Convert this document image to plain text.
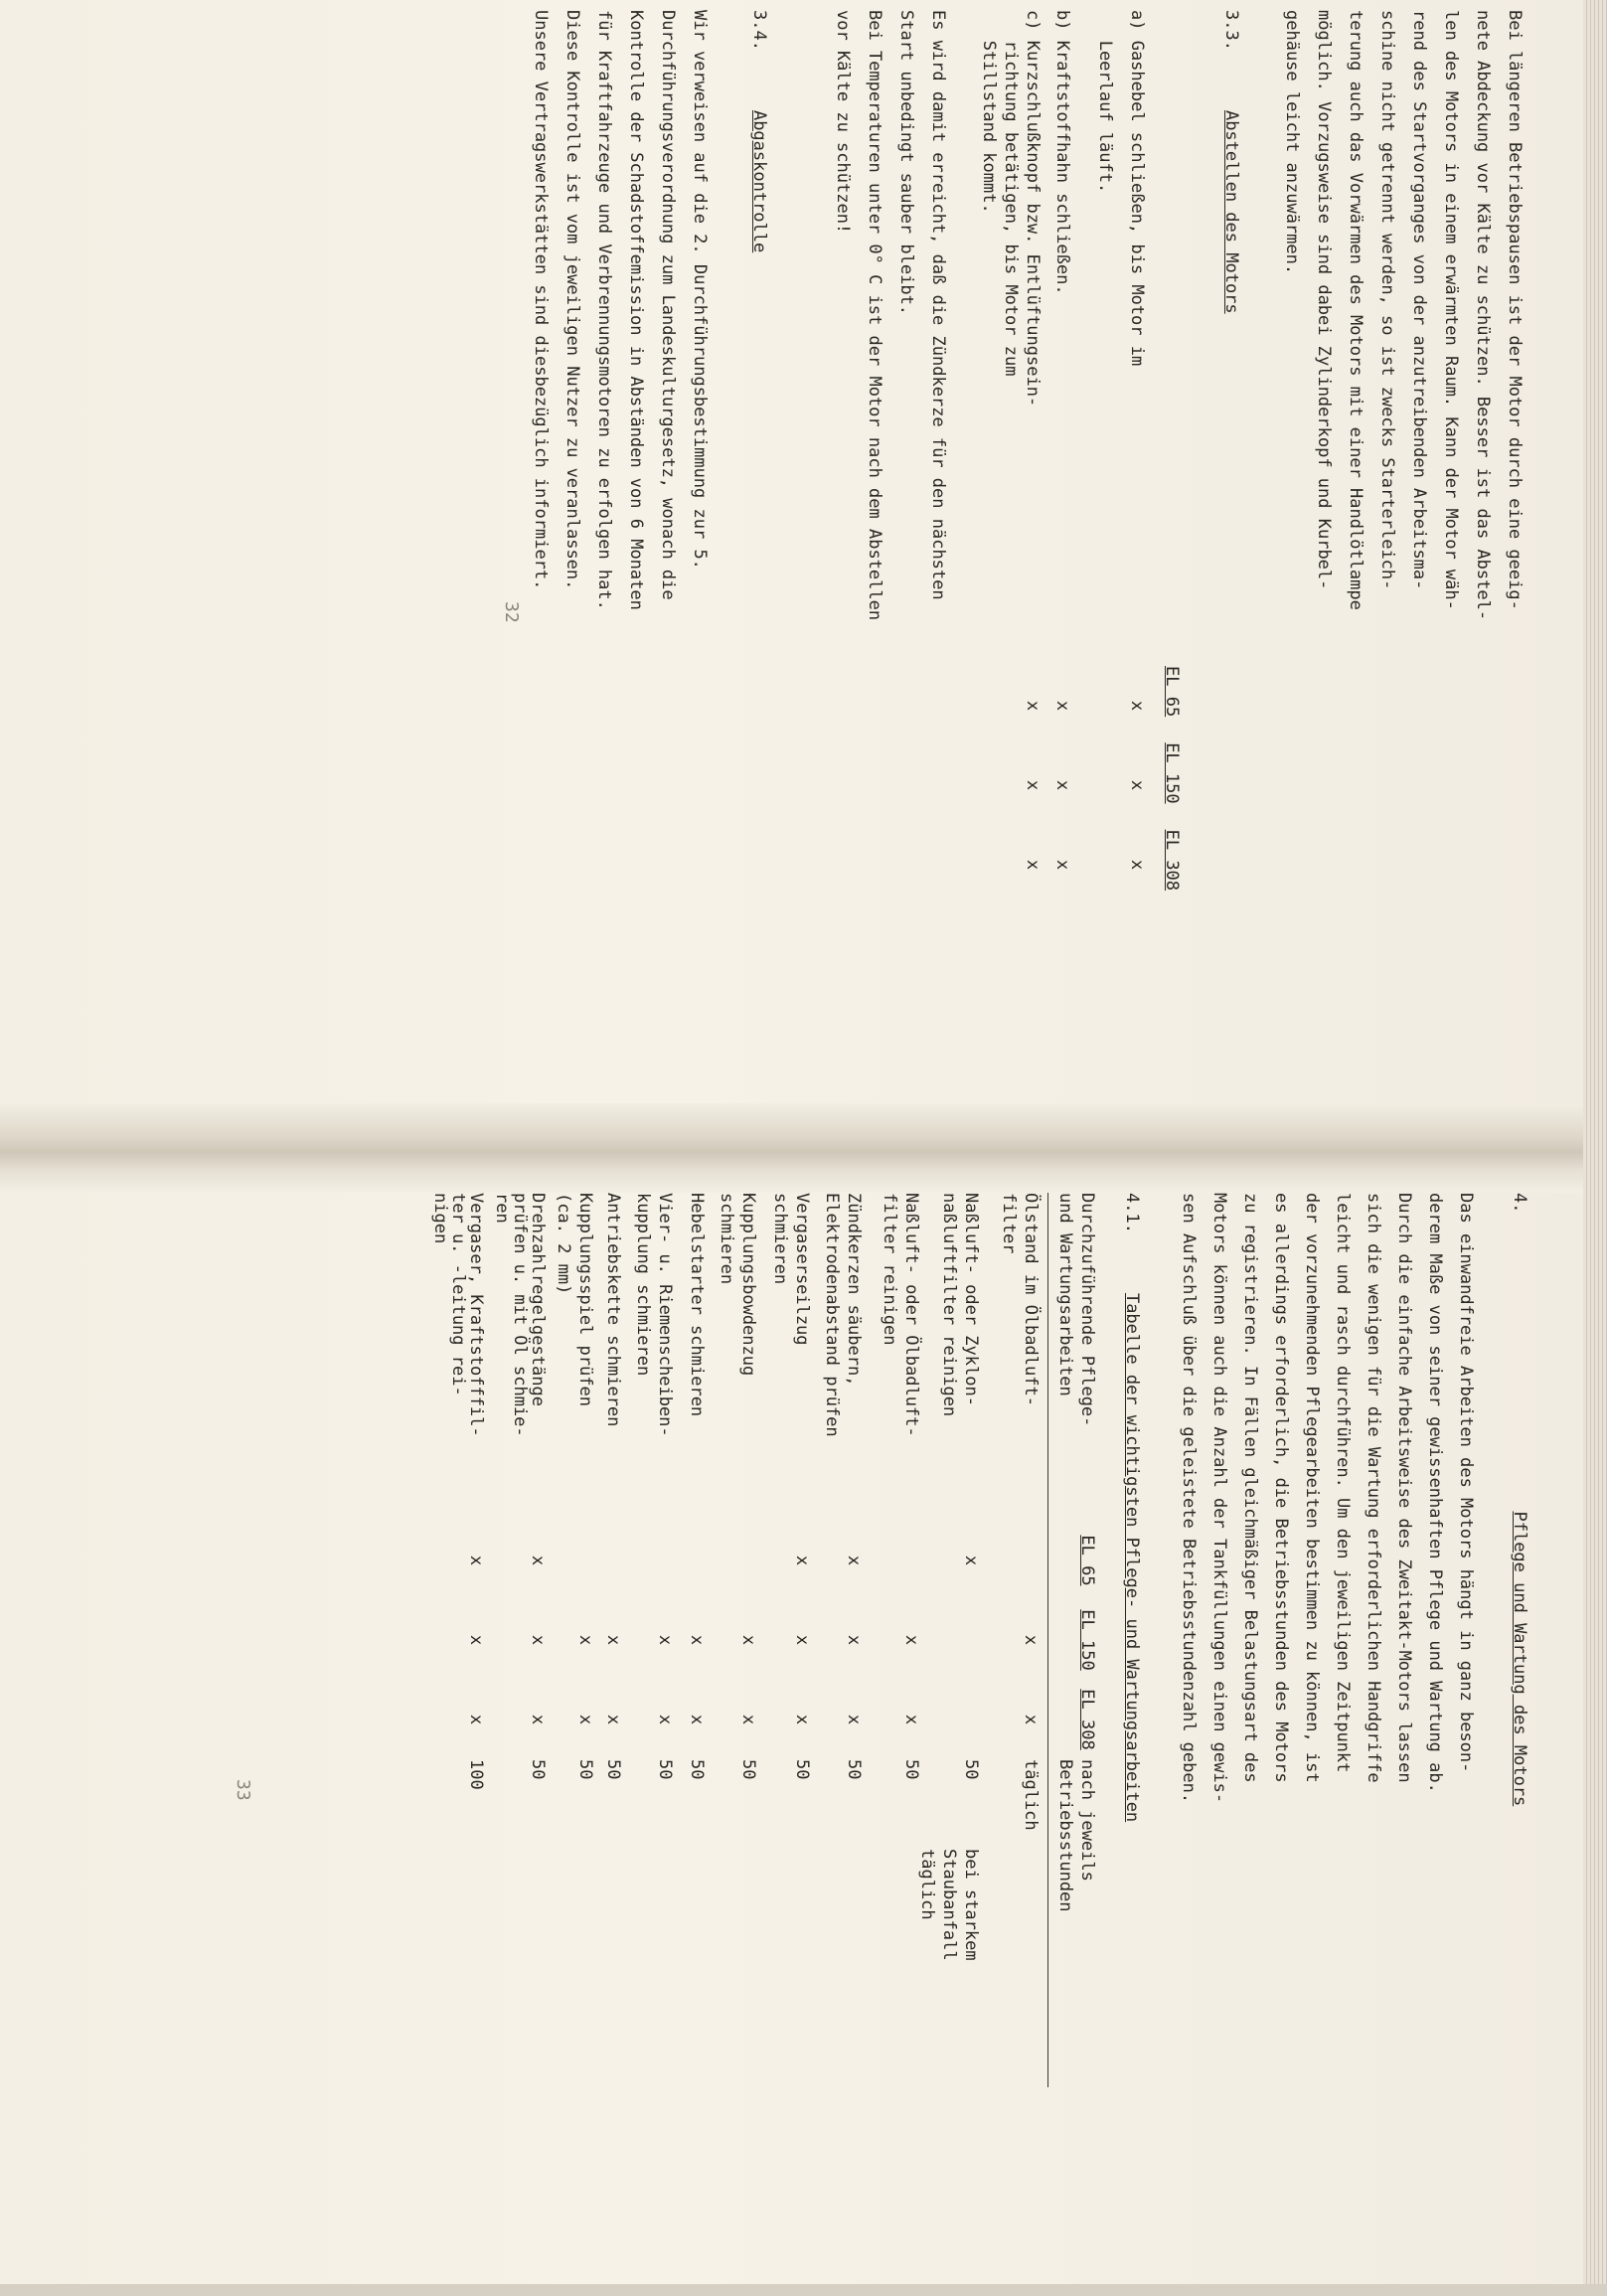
Bei längeren Betriebspausen ist der Motor durch eine geeig-
nete Abdeckung vor Kälte zu schützen. Besser ist das Abstel-
len des Motors in einem erwärmten Raum. Kann der Motor wäh-
rend des Startvorganges von der anzutreibenden Arbeitsma-
schine nicht getrennt werden, so ist zwecks Starterleich-
terung auch das Vorwärmen des Motors mit einer Handlötlampe
möglich. Vorzugsweise sind dabei Zylinderkopf und Kurbel-
gehäuse leicht anzuwärmen.

3.3.
Abstellen des Motors
EL 65
EL 150
EL 308
a) Gashebel schließen, bis Motor im
Leerlauf läuft.
x
x
x
b) Kraftstoffhahn schließen.
x
x
x
c) Kurzschlußknopf bzw. Entlüftungsein-
richtung betätigen, bis Motor zum
Stillstand kommt.
x
x
x

Es wird damit erreicht, daß die Zündkerze für den nächsten
Start unbedingt sauber bleibt.
Bei Temperaturen unter 0° C ist der Motor nach dem Abstellen
vor Kälte zu schützen!

3.4.
Abgaskontrolle

Wir verweisen auf die 2. Durchführungsbestimmung zur 5.
Durchführungsverordnung zum Landeskulturgesetz, wonach die
Kontrolle der Schadstoffemission in Abständen von 6 Monaten
für Kraftfahrzeuge und Verbrennungsmotoren zu erfolgen hat.
Diese Kontrolle ist vom jeweiligen Nutzer zu veranlassen.
Unsere Vertragswerkstätten sind diesbezüglich informiert.

32
4.
Pflege und Wartung des Motors

Das einwandfreie Arbeiten des Motors hängt in ganz beson-
derem Maße von seiner gewissenhaften Pflege und Wartung ab.
Durch die einfache Arbeitsweise des Zweitakt-Motors lassen
sich die wenigen für die Wartung erforderlichen Handgriffe
leicht und rasch durchführen. Um den jeweiligen Zeitpunkt
der vorzunehmenden Pflegearbeiten bestimmen zu können, ist
es allerdings erforderlich, die Betriebsstunden des Motors
zu registrieren. In Fällen gleichmäßiger Belastungsart des
Motors können auch die Anzahl der Tankfüllungen einen gewis-
sen Aufschluß über die geleistete Betriebsstundenzahl geben.

4.1.
Tabelle der wichtigsten Pflege- und Wartungsarbeiten
Durchzuführende Pflege-
und Wartungsarbeiten
EL 65
EL 150
EL 308
nach jeweils
Betriebsstunden
Ölstand im Ölbadluft-
filter
x
x
täglich
Naßluft- oder Zyklon-
naßluftfilter reinigen
x
50
bei starkem
Staubanfall
täglich
Naßluft- oder Ölbadluft-
filter reinigen
x
x
50
Zündkerzen säubern,
Elektrodenabstand prüfen
x
x
x
50
Vergaserseilzug
schmieren
x
x
x
50
Kupplungsbowdenzug
schmieren
x
x
50
Hebelstarter schmieren
x
x
50
Vier- u. Riemenscheiben-
kupplung schmieren
x
x
50
Antriebskette schmieren
x
x
50
Kupplungsspiel prüfen
(ca. 2 mm)
x
x
50
Drehzahlregelgestänge
prüfen u. mit Öl schmie-
ren
x
x
x
50
Vergaser, Kraftstofffil-
ter u. -leitung rei-
nigen
x
x
x
100
33
